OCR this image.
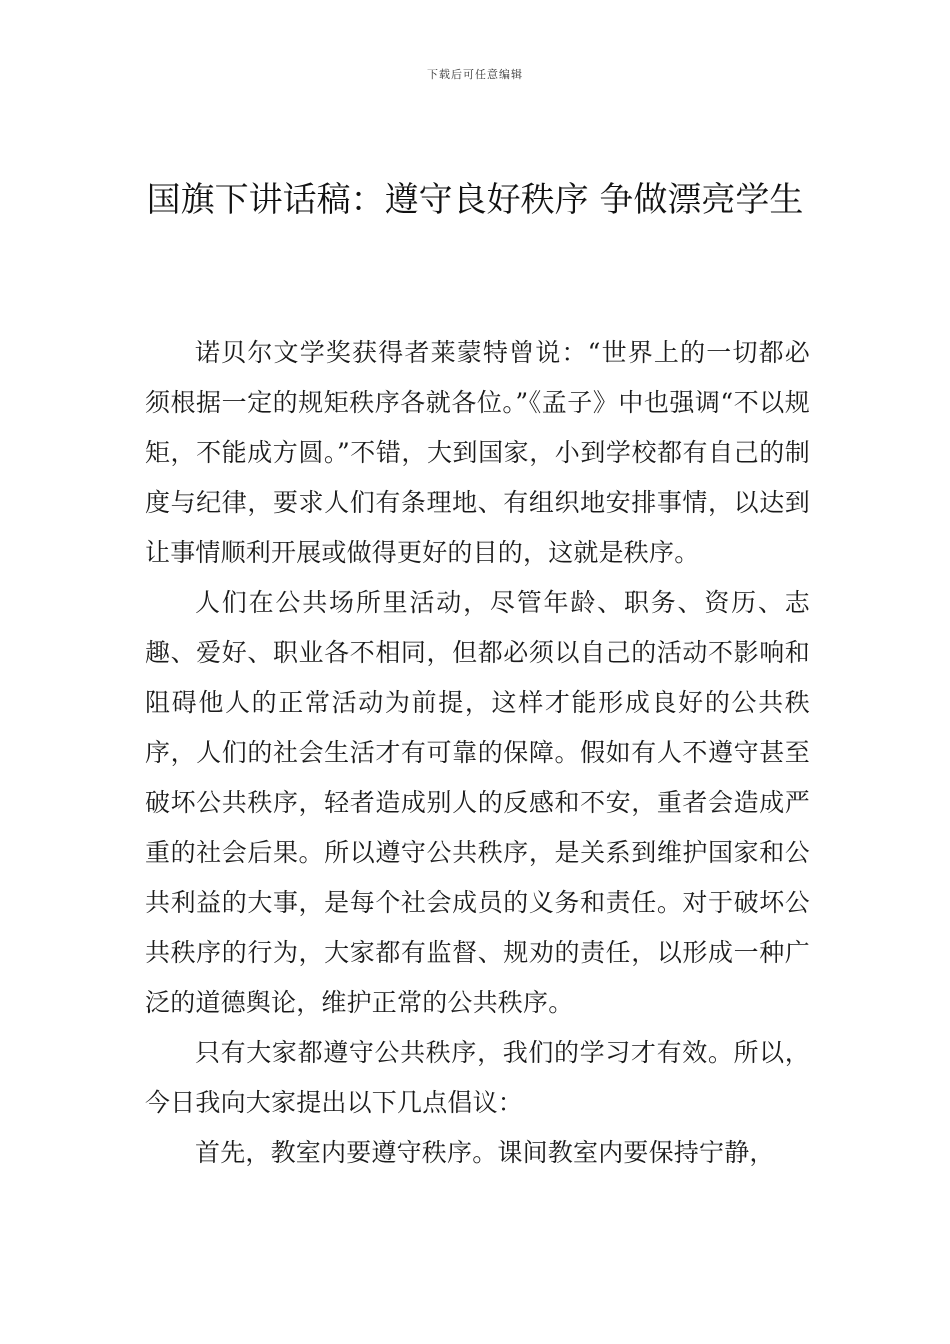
下载后可任意编辑
国旗下讲话稿：遵守良好秩序 争做漂亮学生

诺贝尔文学奖获得者莱蒙特曾说：“世界上的一切都必须根据一定的规矩秩序各就各位。”《孟子》中也强调“不以规矩，不能成方圆。”不错，大到国家，小到学校都有自己的制度与纪律，要求人们有条理地、有组织地安排事情，以达到让事情顺利开展或做得更好的目的，这就是秩序。

人们在公共场所里活动，尽管年龄、职务、资历、志趣、爱好、职业各不相同，但都必须以自己的活动不影响和阻碍他人的正常活动为前提，这样才能形成良好的公共秩序，人们的社会生活才有可靠的保障。假如有人不遵守甚至破坏公共秩序，轻者造成别人的反感和不安，重者会造成严重的社会后果。所以遵守公共秩序，是关系到维护国家和公共利益的大事，是每个社会成员的义务和责任。对于破坏公共秩序的行为，大家都有监督、规劝的责任，以形成一种广泛的道德舆论，维护正常的公共秩序。

只有大家都遵守公共秩序，我们的学习才有效。所以，今日我向大家提出以下几点倡议：

首先，教室内要遵守秩序。课间教室内要保持宁静，
